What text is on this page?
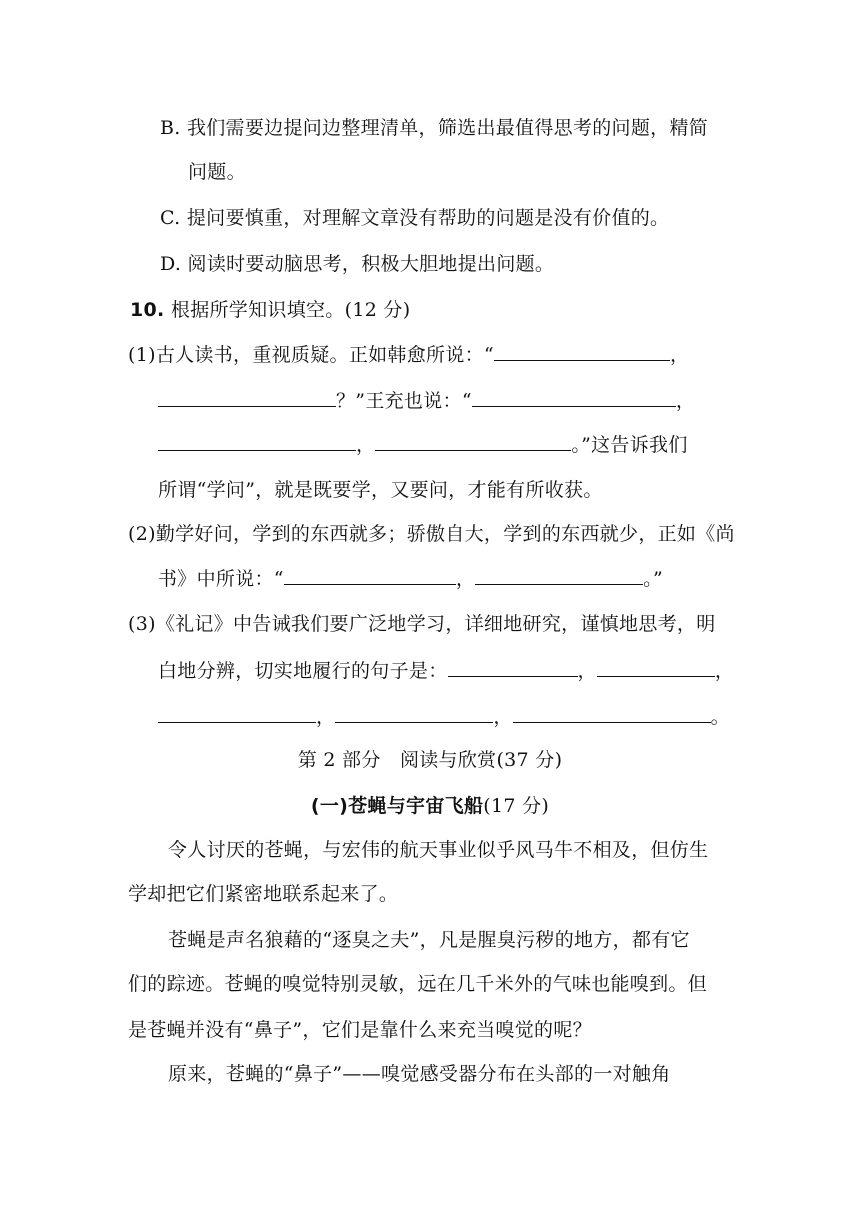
B. 我们需要边提问边整理清单，筛选出最值得思考的问题，精简
问题。
C. 提问要慎重，对理解文章没有帮助的问题是没有价值的。
D. 阅读时要动脑思考，积极大胆地提出问题。
10. 根据所学知识填空。(12 分)
(1)古人读书，重视质疑。正如韩愈所说：“	，
？”王充也说：“	，
，	。”这告诉我们
所谓“学问”，就是既要学，又要问，才能有所收获。
(2)勤学好问，学到的东西就多；骄傲自大，学到的东西就少，正如《尚
书》中所说：“	，	。”
(3)《礼记》中告诫我们要广泛地学习，详细地研究，谨慎地思考，明
白地分辨，切实地履行的句子是：	，	，
，	，	。
第 2 部分　阅读与欣赏(37 分)
(一)苍蝇与宇宙飞船(17 分)
令人讨厌的苍蝇，与宏伟的航天事业似乎风马牛不相及，但仿生
学却把它们紧密地联系起来了。
苍蝇是声名狼藉的“逐臭之夫”，凡是腥臭污秽的地方，都有它
们的踪迹。苍蝇的嗅觉特别灵敏，远在几千米外的气味也能嗅到。但
是苍蝇并没有“鼻子”，它们是靠什么来充当嗅觉的呢？
原来，苍蝇的“鼻子”——嗅觉感受器分布在头部的一对触角
